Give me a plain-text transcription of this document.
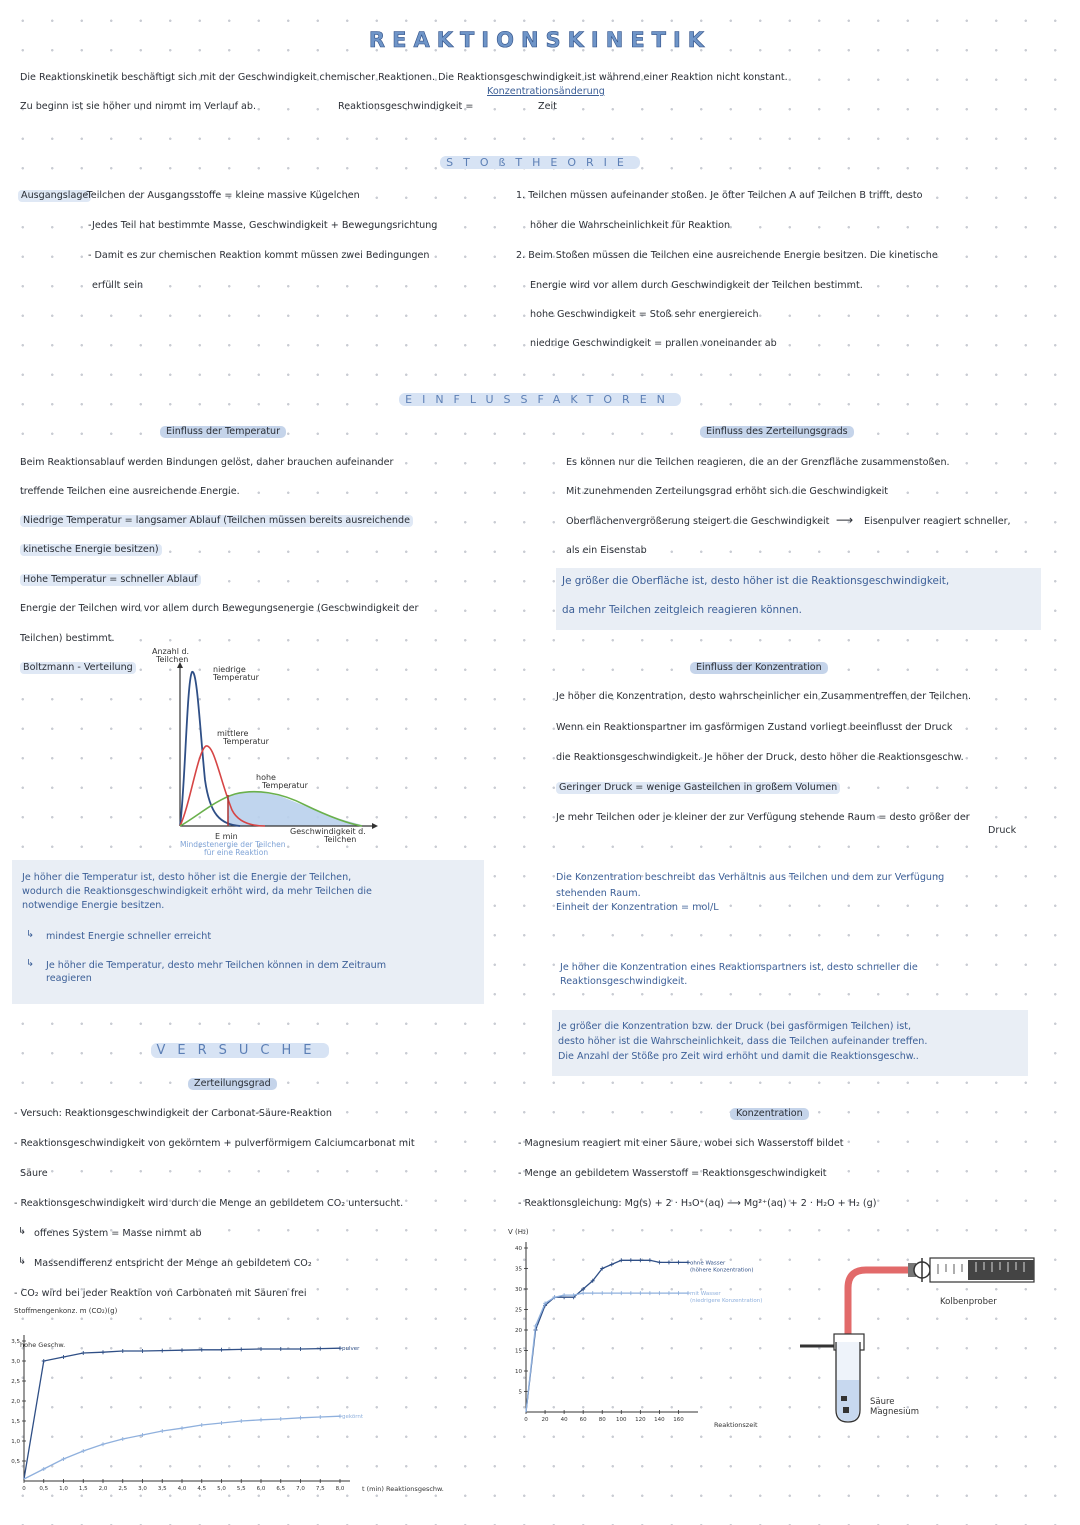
REAKTIONSKINETIK
Die Reaktionskinetik beschäftigt sich mit der Geschwindigkeit chemischer Reaktionen. Die Reaktionsgeschwindigkeit ist während einer Reaktion nicht konstant.
Zu beginn ist sie höher und nimmt im Verlauf ab.	Reaktionsgeschwindigkeit =
Konzentrationsänderung
Zeit
STOßTHEORIE
Ausgangslage
-Teilchen der Ausgangsstoffe = kleine massive Kügelchen
-Jedes Teil hat bestimmte Masse, Geschwindigkeit + Bewegungsrichtung
- Damit es zur chemischen Reaktion kommt müssen zwei Bedingungen
erfüllt sein
1. Teilchen müssen aufeinander stoßen. Je öfter Teilchen A auf Teilchen B trifft, desto
höher die Wahrscheinlichkeit für Reaktion
2. Beim Stoßen müssen die Teilchen eine ausreichende Energie besitzen. Die kinetische
Energie wird vor allem durch Geschwindigkeit der Teilchen bestimmt.
hohe Geschwindigkeit = Stoß sehr energiereich
niedrige Geschwindigkeit = prallen voneinander ab
EINFLUSSFAKTOREN
Einfluss der Temperatur
Beim Reaktionsablauf werden Bindungen gelöst, daher brauchen aufeinander
treffende Teilchen eine ausreichende Energie.
Niedrige Temperatur = langsamer Ablauf (Teilchen müssen bereits ausreichende
kinetische Energie besitzen)
Hohe Temperatur = schneller Ablauf
Energie der Teilchen wird vor allem durch Bewegungsenergie (Geschwindigkeit der
Teilchen) bestimmt.
Boltzmann - Verteilung
Anzahl d.
Teilchen
niedrige
Temperatur
mittlere
Temperatur
hohe
Temperatur
Geschwindigkeit d.
Teilchen
E min
Mindestenergie der Teilchen
für eine Reaktion
Je höher die Temperatur ist, desto höher ist die Energie der Teilchen,
wodurch die Reaktionsgeschwindigkeit erhöht wird, da mehr Teilchen die
notwendige Energie besitzen.
↳ mindest Energie schneller erreicht
↳ Je höher die Temperatur, desto mehr Teilchen können in dem Zeitraum
reagieren
Einfluss des Zerteilungsgrads
Es können nur die Teilchen reagieren, die an der Grenzfläche zusammenstoßen.
Mit zunehmenden Zerteilungsgrad erhöht sich die Geschwindigkeit
Oberflächenvergrößerung steigert die Geschwindigkeit ⟶ Eisenpulver reagiert schneller,
als ein Eisenstab
Je größer die Oberfläche ist, desto höher ist die Reaktionsgeschwindigkeit,
da mehr Teilchen zeitgleich reagieren können.
Einfluss der Konzentration
Je höher die Konzentration, desto wahrscheinlicher ein Zusammentreffen der Teilchen.
Wenn ein Reaktionspartner im gasförmigen Zustand vorliegt beeinflusst der Druck
die Reaktionsgeschwindigkeit. Je höher der Druck, desto höher die Reaktionsgeschw.
Geringer Druck = wenige Gasteilchen in großem Volumen
Je mehr Teilchen oder je kleiner der zur Verfügung stehende Raum = desto größer der
Druck
Die Konzentration beschreibt das Verhältnis aus Teilchen und dem zur Verfügung
stehenden Raum.
Einheit der Konzentration = mol/L
Je höher die Konzentration eines Reaktionspartners ist, desto schneller die
Reaktionsgeschwindigkeit.
Je größer die Konzentration bzw. der Druck (bei gasförmigen Teilchen) ist,
desto höher ist die Wahrscheinlichkeit, dass die Teilchen aufeinander treffen.
Die Anzahl der Stöße pro Zeit wird erhöht und damit die Reaktionsgeschw..
VERSUCHE
Zerteilungsgrad
- Versuch: Reaktionsgeschwindigkeit der Carbonat-Säure-Reaktion
- Reaktionsgeschwindigkeit von gekörntem + pulverförmigem Calciumcarbonat mit
Säure
- Reaktionsgeschwindigkeit wird durch die Menge an gebildetem CO₂ untersucht.
↳ offenes System = Masse nimmt ab
↳ Massendifferenz entspricht der Menge an gebildetem CO₂
- CO₂ wird bei jeder Reaktion von Carbonaten mit Säuren frei
Konzentration
- Magnesium reagiert mit einer Säure, wobei sich Wasserstoff bildet
- Menge an gebildetem Wasserstoff = Reaktionsgeschwindigkeit
- Reaktionsgleichung: Mg(s) + 2 · H₃O⁺(aq) ⟶ Mg²⁺(aq) + 2 · H₂O + H₂ (g)
Stoffmengenkonz. m (CO₂)(g)
hohe Geschw.
t (min) Reaktionsgeschw.
0,5
1,0
1,5
2,0
2,5
3,0
3,5
0 0,5 1,0 1,5 2,0 2,5 3,0 3,5 4,0 4,5 5,0 5,5 6,0 6,5 7,0 7,5 8,0
pulver
gekörnt
V (H₂)
Reaktionszeit
5
10
15
20
25
30
35
40
0	20 40 60 80 100 120 140 160
ohne Wasser
(höhere Konzentration)
mit Wasser
(niedrigere Konzentration)	Kolbenprober
Säure
Magnesium
